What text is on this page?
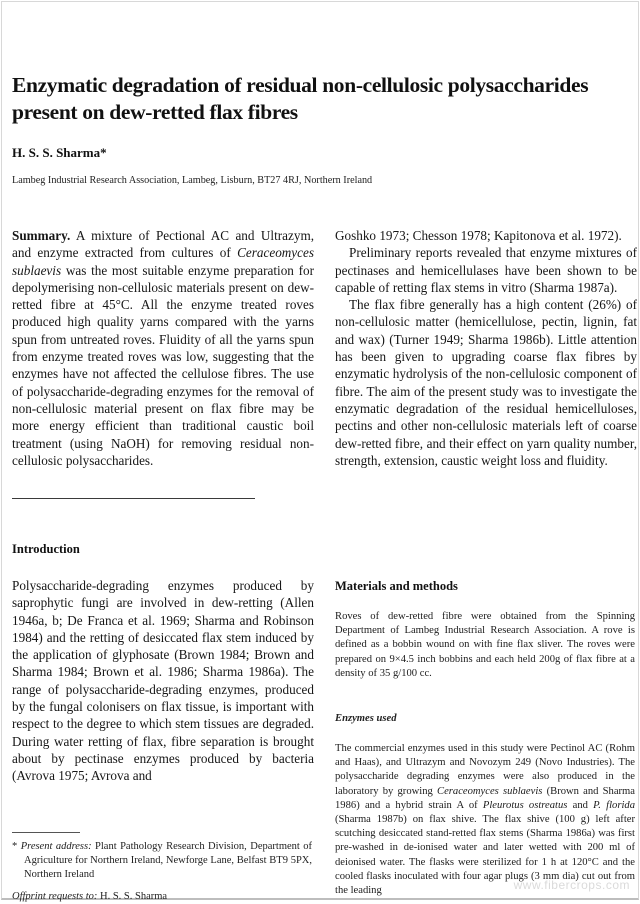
Enzymatic degradation of residual non-cellulosic polysaccharides present on dew-retted flax fibres

H. S. S. Sharma*

Lambeg Industrial Research Association, Lambeg, Lisburn, BT27 4RJ, Northern Ireland

Summary. A mixture of Pectional AC and Ultrazym, and enzyme extracted from cultures of Ceraceomyces sublaevis was the most suitable enzyme preparation for depolymerising non-cellulosic materials present on dew-retted fibre at 45°C. All the enzyme treated roves produced high quality yarns compared with the yarns spun from untreated roves. Fluidity of all the yarns spun from enzyme treated roves was low, suggesting that the enzymes have not affected the cellulose fibres. The use of polysaccharide-degrading enzymes for the removal of non-cellulosic material present on flax fibre may be more energy efficient than traditional caustic boil treatment (using NaOH) for removing residual non-cellulosic polysaccharides.

Introduction

Polysaccharide-degrading enzymes produced by saprophytic fungi are involved in dew-retting (Allen 1946a, b; De Franca et al. 1969; Sharma and Robinson 1984) and the retting of desiccated flax stem induced by the application of glyphosate (Brown 1984; Brown and Sharma 1984; Brown et al. 1986; Sharma 1986a). The range of polysaccharide-degrading enzymes, produced by the fungal colonisers on flax tissue, is important with respect to the degree to which stem tissues are degraded. During water retting of flax, fibre separation is brought about by pectinase enzymes produced by bacteria (Avrova 1975; Avrova and

* Present address: Plant Pathology Research Division, Department of Agriculture for Northern Ireland, Newforge Lane, Belfast BT9 5PX, Northern Ireland

Offprint requests to: H. S. S. Sharma

Goshko 1973; Chesson 1978; Kapitonova et al. 1972).

Preliminary reports revealed that enzyme mixtures of pectinases and hemicellulases have been shown to be capable of retting flax stems in vitro (Sharma 1987a).

The flax fibre generally has a high content (26%) of non-cellulosic matter (hemicellulose, pectin, lignin, fat and wax) (Turner 1949; Sharma 1986b). Little attention has been given to upgrading coarse flax fibres by enzymatic hydrolysis of the non-cellulosic component of fibre. The aim of the present study was to investigate the enzymatic degradation of the residual hemicelluloses, pectins and other non-cellulosic materials left of coarse dew-retted fibre, and their effect on yarn quality number, strength, extension, caustic weight loss and fluidity.

Materials and methods

Roves of dew-retted fibre were obtained from the Spinning Department of Lambeg Industrial Research Association. A rove is defined as a bobbin wound on with fine flax sliver. The roves were prepared on 9×4.5 inch bobbins and each held 200g of flax fibre at a density of 35 g/100 cc.

Enzymes used

The commercial enzymes used in this study were Pectinol AC (Rohm and Haas), and Ultrazym and Novozym 249 (Novo Industries). The polysaccharide degrading enzymes were also produced in the laboratory by growing Ceraceomyces sublaevis (Brown and Sharma 1986) and a hybrid strain A of Pleurotus ostreatus and P. florida (Sharma 1987b) on flax shive. The flax shive (100 g) left after scutching desiccated stand-retted flax stems (Sharma 1986a) was first pre-washed in de-ionised water and later wetted with 200 ml of deionised water. The flasks were sterilized for 1 h at 120°C and the cooled flasks inoculated with four agar plugs (3 mm dia) cut out from the leading	www.fibercrops.com
